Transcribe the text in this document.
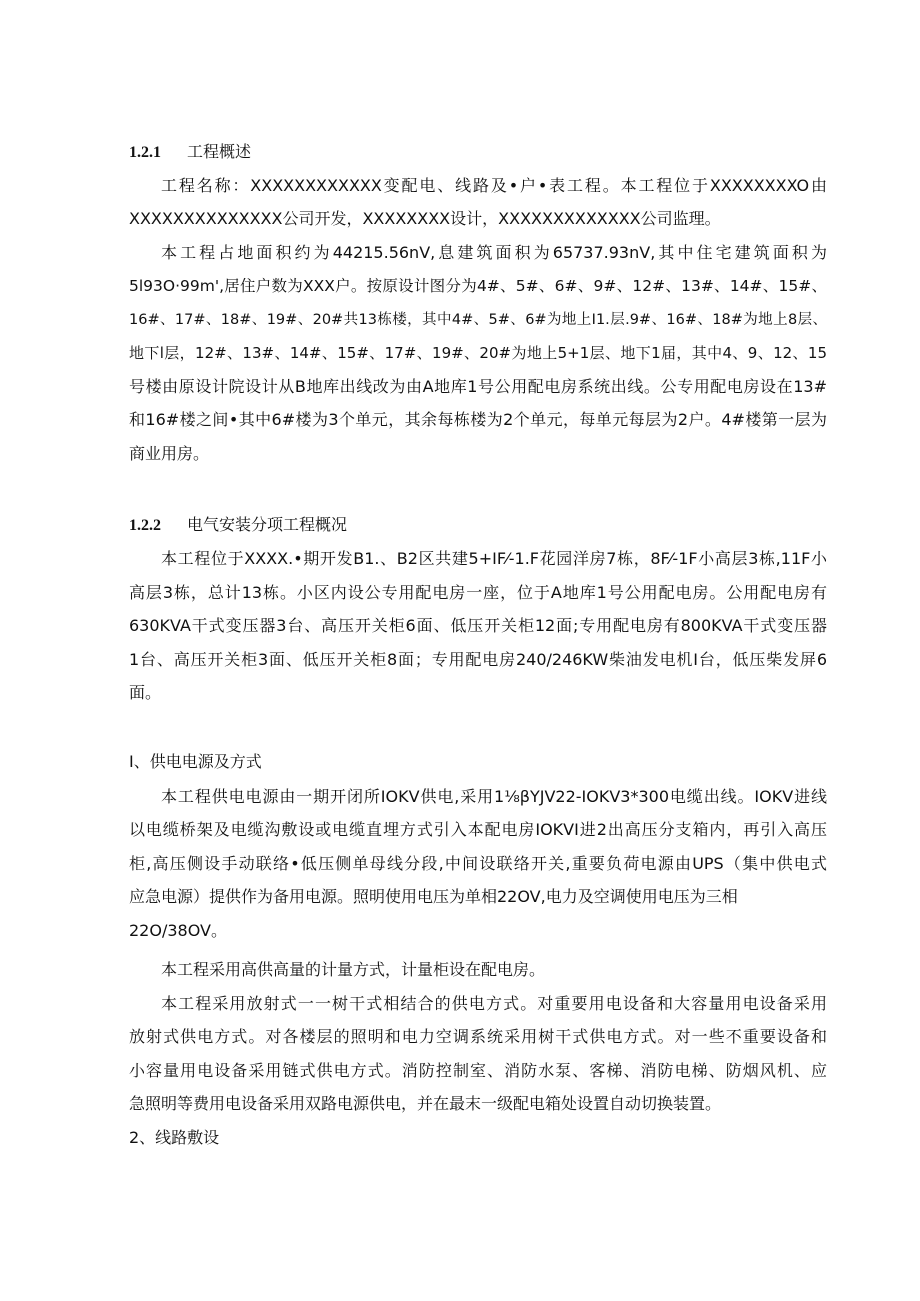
1.2.1 工程概述
工程名称：XXXXXXXXXXXX变配电、线路及•户•表工程。本工程位于XXXXXXXXO由
XXXXXXXXXXXXXX公司开发，XXXXXXXX设计，XXXXXXXXXXXXX公司监理。
本工程占地面积约为44215.56nV,息建筑面积为65737.93nV,其中住宅建筑面积为
5l93O·99m',居住户数为XXX户。按原设计图分为4#、5#、6#、9#、12#、13#、14#、15#、
16#、17#、18#、19#、20#共13栋楼，其中4#、5#、6#为地上I1.层.9#、16#、18#为地上8层、
地下l层，12#、13#、14#、15#、17#、19#、20#为地上5+1层、地下1届，其中4、9、12、15
号楼由原设计院设计从B地库出线改为由A地库1号公用配电房系统出线。公专用配电房设在13#
和16#楼之间•其中6#楼为3个单元，其余每栋楼为2个单元，每单元每层为2户。4#楼第一层为
商业用房。
1.2.2 电气安装分项工程概况
本工程位于XXXX.•期开发B1.、B2区共建5+IF⁄-1.F花园洋房7栋，8F⁄-1F小高层3栋,11F小
高层3栋，总计13栋。小区内设公专用配电房一座，位于A地库1号公用配电房。公用配电房有
630KVA干式变压器3台、高压开关柜6面、低压开关柜12面;专用配电房有800KVA干式变压器
1台、高压开关柜3面、低压开关柜8面；专用配电房240/246KW柴油发电机I台，低压柴发屏6
面。
I、供电电源及方式
本工程供电电源由一期开闭所IOKV供电,采用1⅛βYJV22-IOKV3*300电缆出线。IOKV进线
以电缆桥架及电缆沟敷设或电缆直埋方式引入本配电房IOKVI进2出高压分支箱内，再引入高压
柜,高压侧设手动联络•低压侧单母线分段,中间设联络开关,重要负荷电源由UPS（集中供电式
应急电源）提供作为备用电源。照明使用电压为单相22OV,电力及空调使用电压为三相
22O/38OV。
本工程采用高供高量的计量方式，计量柜设在配电房。
本工程采用放射式一一树干式相结合的供电方式。对重要用电设备和大容量用电设备采用
放射式供电方式。对各楼层的照明和电力空调系统采用树干式供电方式。对一些不重要设备和
小容量用电设备采用链式供电方式。消防控制室、消防水泵、客梯、消防电梯、防烟风机、应
急照明等费用电设备采用双路电源供电，并在最末一级配电箱处设置自动切换装置。
2、线路敷设
